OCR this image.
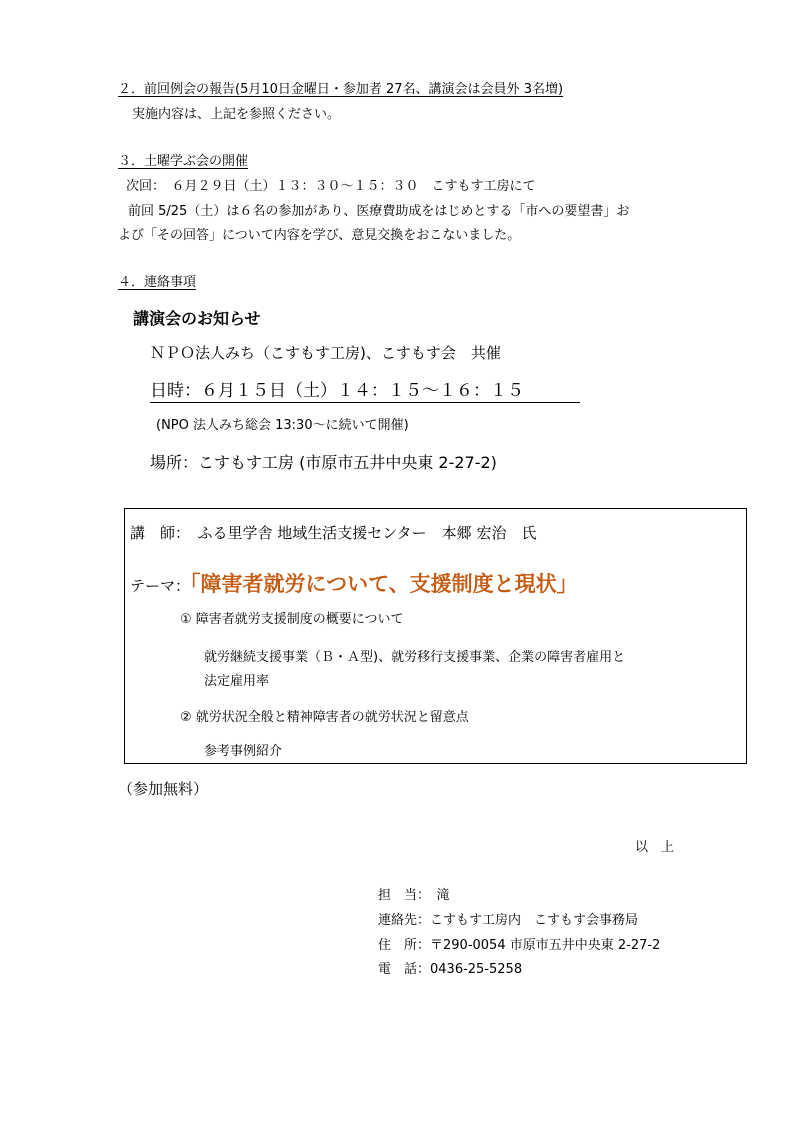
２．前回例会の報告(5月10日金曜日・参加者 27名、講演会は会員外 3名増)
実施内容は、上記を参照ください。
３．土曜学ぶ会の開催
次回：　６月２９日（土）１３：３０～１５：３０　こすもす工房にて
前回 5/25（土）は６名の参加があり、医療費助成をはじめとする「市への要望書」お
よび「その回答」について内容を学び、意見交換をおこないました。
４．連絡事項
講演会のお知らせ
ＮＰＯ法人みち（こすもす工房)、こすもす会　共催
日時：６月１５日（土）１４：１５～１６：１５
(NPO 法人みち総会 13:30～に続いて開催)
場所：こすもす工房 (市原市五井中央東 2-27-2)
講　師：　ふる里学舎 地域生活支援センター　本郷 宏治　氏
テーマ：「障害者就労について、支援制度と現状」
① 障害者就労支援制度の概要について
就労継続支援事業（Ｂ・Ａ型)、就労移行支援事業、企業の障害者雇用と
法定雇用率
② 就労状況全般と精神障害者の就労状況と留意点
参考事例紹介
（参加無料）
以　上
担　当：　滝
連絡先：こすもす工房内　こすもす会事務局
住　所：〒290-0054 市原市五井中央東 2-27-2
電　話：0436-25-5258
